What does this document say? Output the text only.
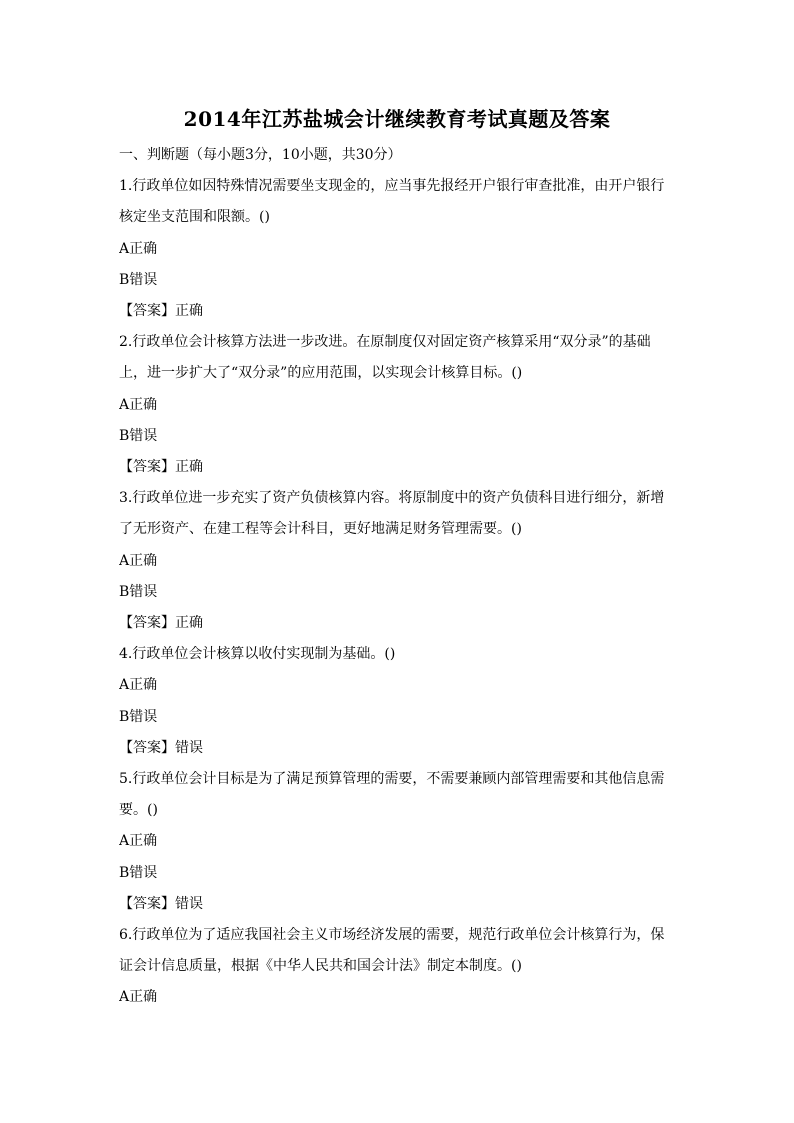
2014年江苏盐城会计继续教育考试真题及答案
一、判断题（每小题3分，10小题，共30分）
1.行政单位如因特殊情况需要坐支现金的，应当事先报经开户银行审查批准，由开户银行
核定坐支范围和限额。()
A正确
B错误
【答案】正确
2.行政单位会计核算方法进一步改进。在原制度仅对固定资产核算采用“双分录”的基础
上，进一步扩大了“双分录”的应用范围，以实现会计核算目标。()
A正确
B错误
【答案】正确
3.行政单位进一步充实了资产负债核算内容。将原制度中的资产负债科目进行细分，新增
了无形资产、在建工程等会计科目，更好地满足财务管理需要。()
A正确
B错误
【答案】正确
4.行政单位会计核算以收付实现制为基础。()
A正确
B错误
【答案】错误
5.行政单位会计目标是为了满足预算管理的需要，不需要兼顾内部管理需要和其他信息需
要。()
A正确
B错误
【答案】错误
6.行政单位为了适应我国社会主义市场经济发展的需要，规范行政单位会计核算行为，保
证会计信息质量，根据《中华人民共和国会计法》制定本制度。()
A正确
